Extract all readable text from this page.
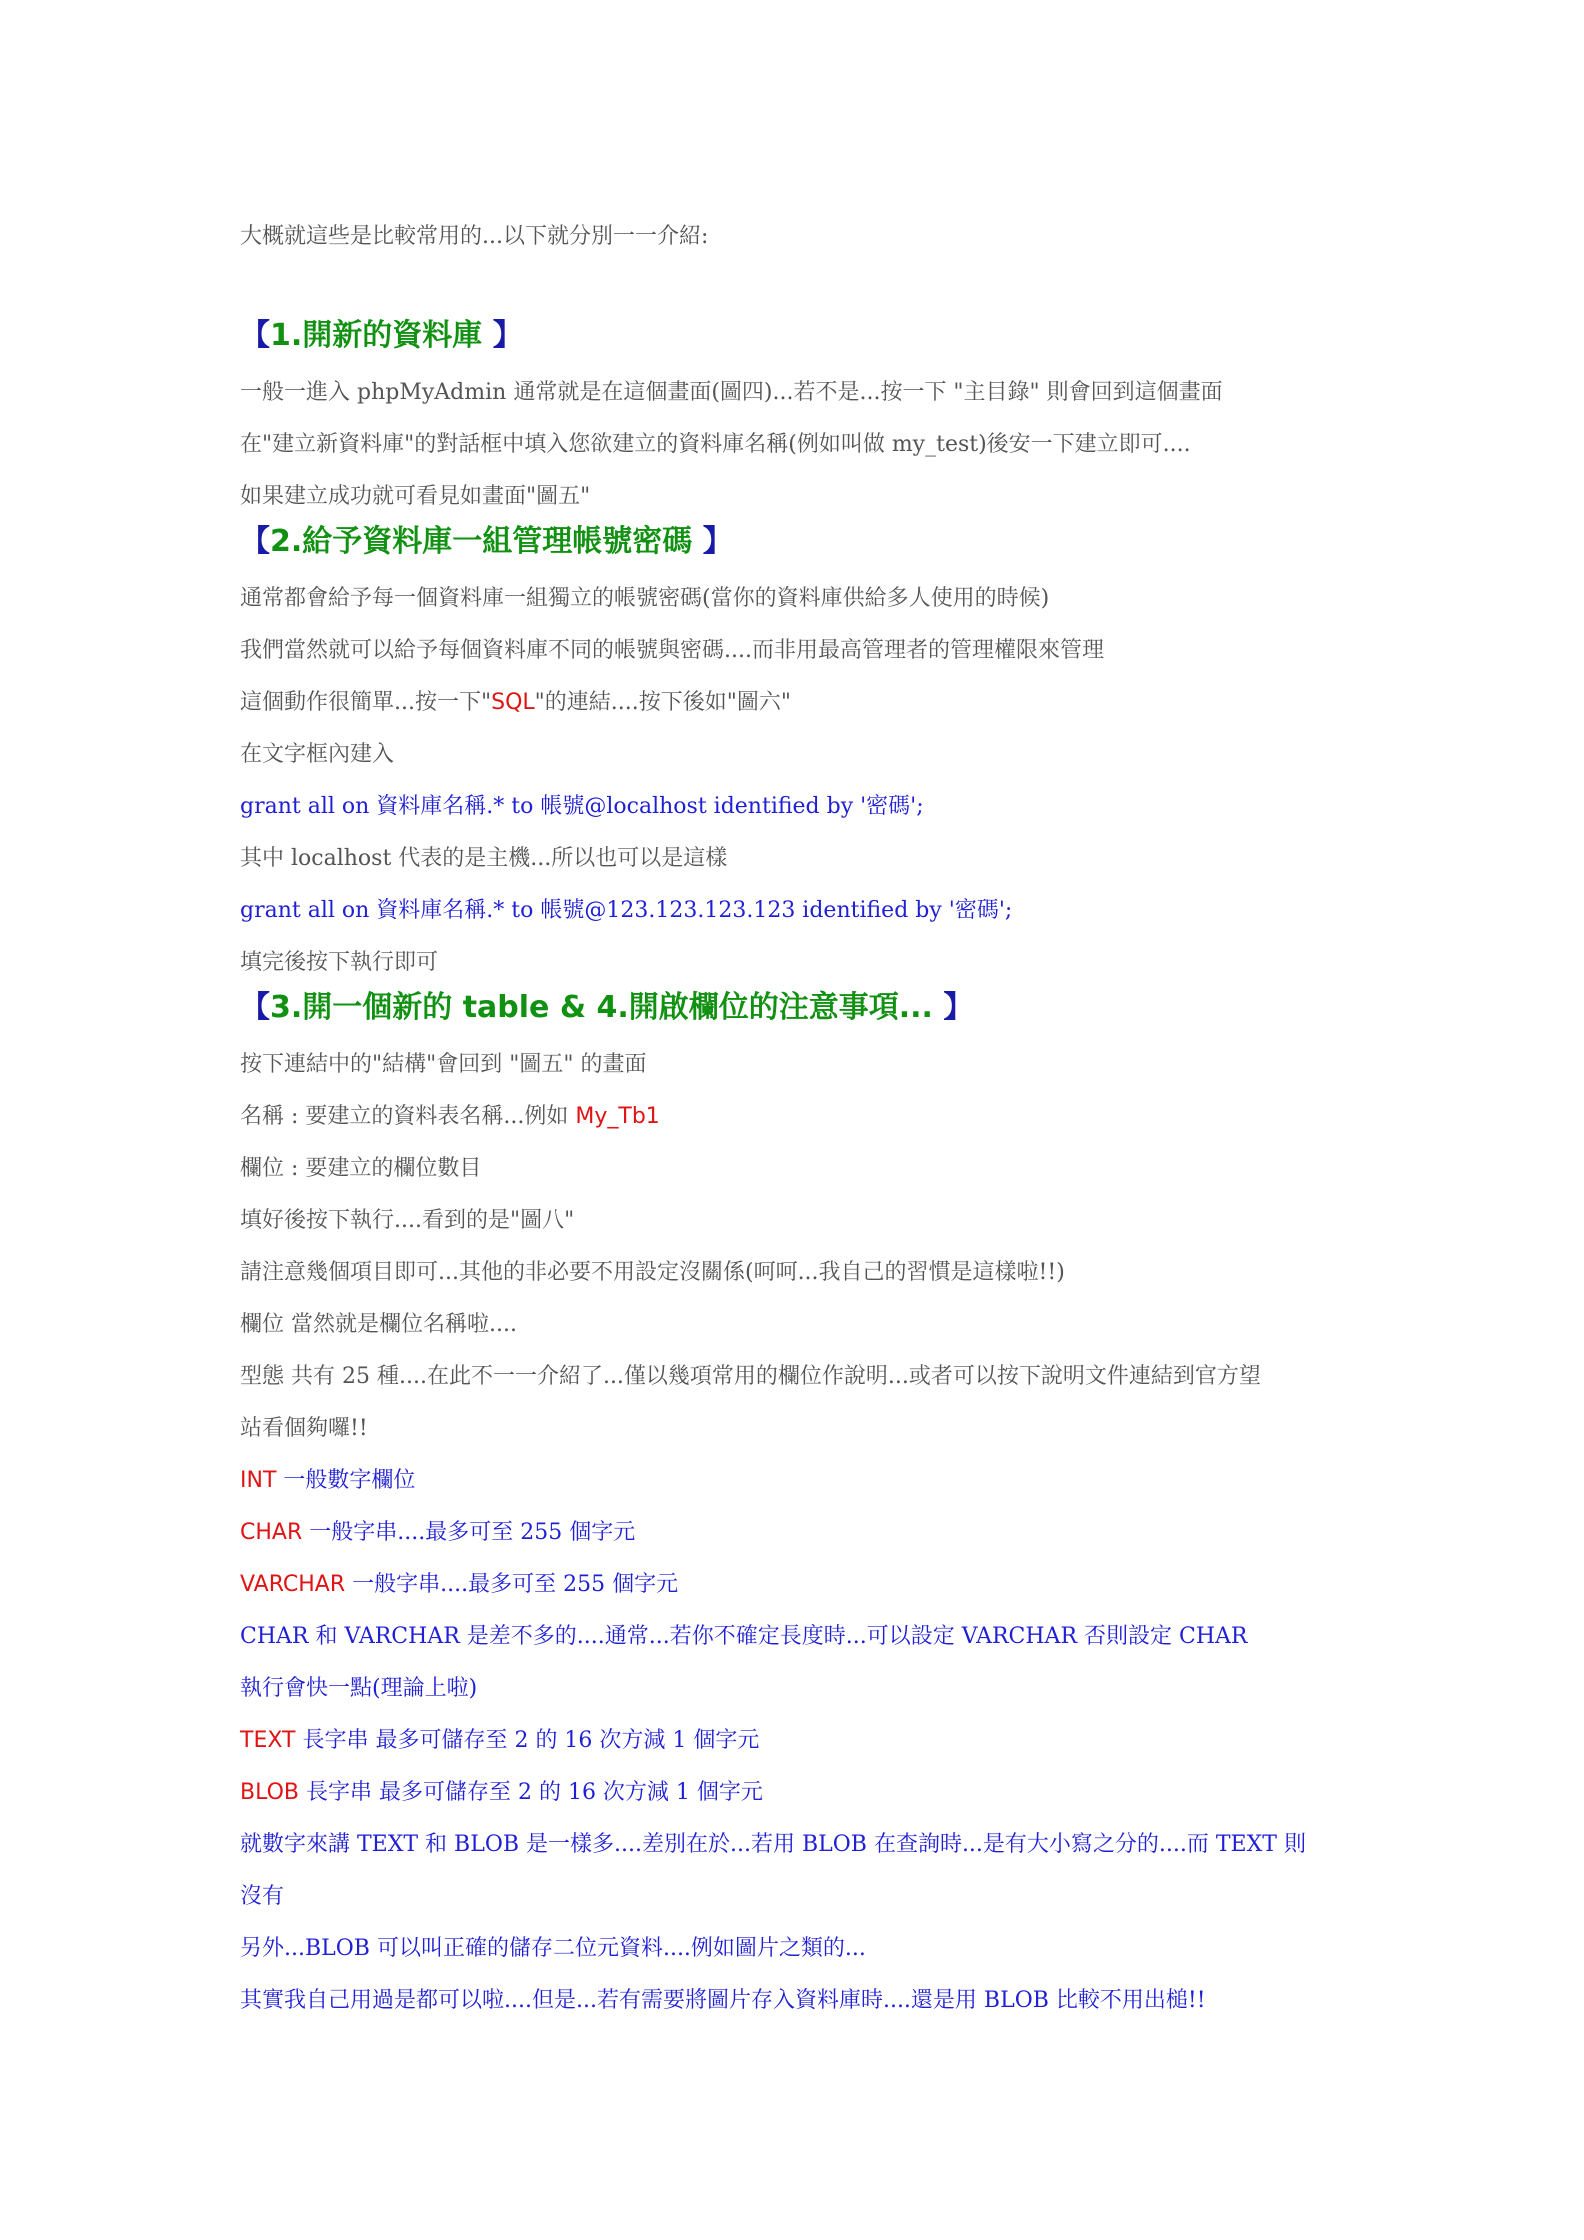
大概就這些是比較常用的...以下就分別一一介紹:
【1.開新的資料庫 】
一般一進入 phpMyAdmin 通常就是在這個畫面(圖四)...若不是...按一下 "主目錄" 則會回到這個畫面
在"建立新資料庫"的對話框中填入您欲建立的資料庫名稱(例如叫做 my_test)後安一下建立即可....
如果建立成功就可看見如畫面"圖五"
【2.給予資料庫一組管理帳號密碼 】
通常都會給予每一個資料庫一組獨立的帳號密碼(當你的資料庫供給多人使用的時候)
我們當然就可以給予每個資料庫不同的帳號與密碼....而非用最高管理者的管理權限來管理
這個動作很簡單...按一下"SQL"的連結....按下後如"圖六"
在文字框內建入
grant all on 資料庫名稱.* to 帳號@localhost identified by '密碼';
其中 localhost 代表的是主機...所以也可以是這樣
grant all on 資料庫名稱.* to 帳號@123.123.123.123 identified by '密碼';
填完後按下執行即可
【3.開一個新的 table & 4.開啟欄位的注意事項... 】
按下連結中的"結構"會回到 "圖五" 的畫面
名稱 : 要建立的資料表名稱...例如 My_Tb1
欄位 : 要建立的欄位數目
填好後按下執行....看到的是"圖八"
請注意幾個項目即可...其他的非必要不用設定沒關係(呵呵...我自己的習慣是這樣啦!!)
欄位 當然就是欄位名稱啦....
型態 共有 25 種....在此不一一介紹了...僅以幾項常用的欄位作說明...或者可以按下說明文件連結到官方望
站看個夠囉!!
INT 一般數字欄位
CHAR 一般字串....最多可至 255 個字元
VARCHAR 一般字串....最多可至 255 個字元
CHAR 和 VARCHAR 是差不多的....通常...若你不確定長度時...可以設定 VARCHAR 否則設定 CHAR
執行會快一點(理論上啦)
TEXT 長字串 最多可儲存至 2 的 16 次方減 1 個字元
BLOB 長字串 最多可儲存至 2 的 16 次方減 1 個字元
就數字來講 TEXT 和 BLOB 是一樣多....差別在於...若用 BLOB 在查詢時...是有大小寫之分的....而 TEXT 則
沒有
另外...BLOB 可以叫正確的儲存二位元資料....例如圖片之類的...
其實我自己用過是都可以啦....但是...若有需要將圖片存入資料庫時....還是用 BLOB 比較不用出槌!!
